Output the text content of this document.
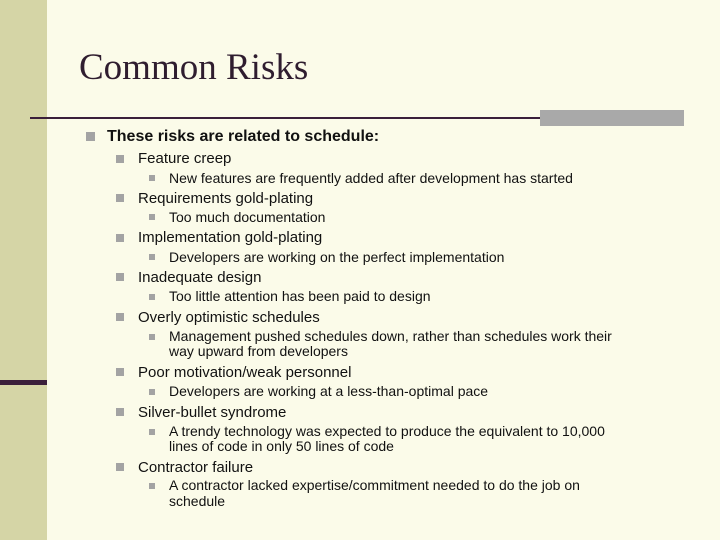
Common Risks
These risks are related to schedule:
Feature creep
New features are frequently added after development has started
Requirements gold-plating
Too much documentation
Implementation gold-plating
Developers are working on the perfect implementation
Inadequate design
Too little attention has been paid to design
Overly optimistic schedules
Management pushed schedules down, rather than schedules work their
way upward from developers
Poor motivation/weak personnel
Developers are working at a less-than-optimal pace
Silver-bullet syndrome
A trendy technology was expected to produce the equivalent to 10,000
lines of code in only 50 lines of code
Contractor failure
A contractor lacked expertise/commitment needed to do the job on
schedule
